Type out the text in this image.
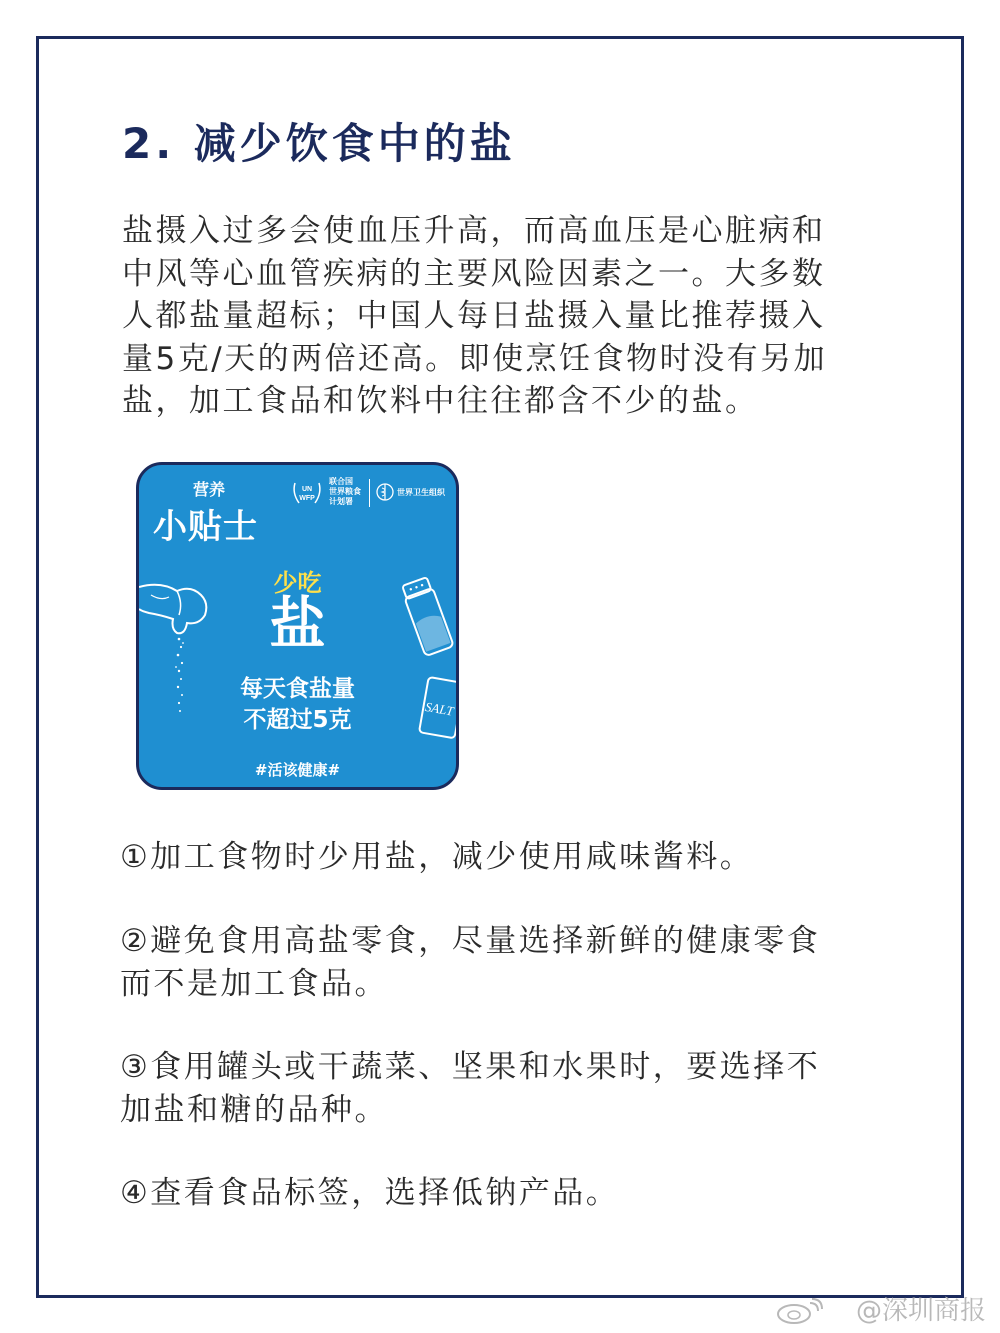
2. 减少饮食中的盐
盐摄入过多会使血压升高，而高血压是心脏病和
中风等心血管疾病的主要风险因素之一。大多数
人都盐量超标；中国人每日盐摄入量比推荐摄入
量5克/天的两倍还高。即使烹饪食物时没有另加
盐，加工食品和饮料中往往都含不少的盐。
营养
小贴士
UN
WFP
联合国
世界粮食
计划署
世界卫生组织
SALT
少吃
盐
每天食盐量
不超过5克
#活该健康#
①加工食物时少用盐，减少使用咸味酱料。
②避免食用高盐零食，尽量选择新鲜的健康零食
而不是加工食品。
③食用罐头或干蔬菜、坚果和水果时，要选择不
加盐和糖的品种。
④查看食品标签，选择低钠产品。
@深圳商报
